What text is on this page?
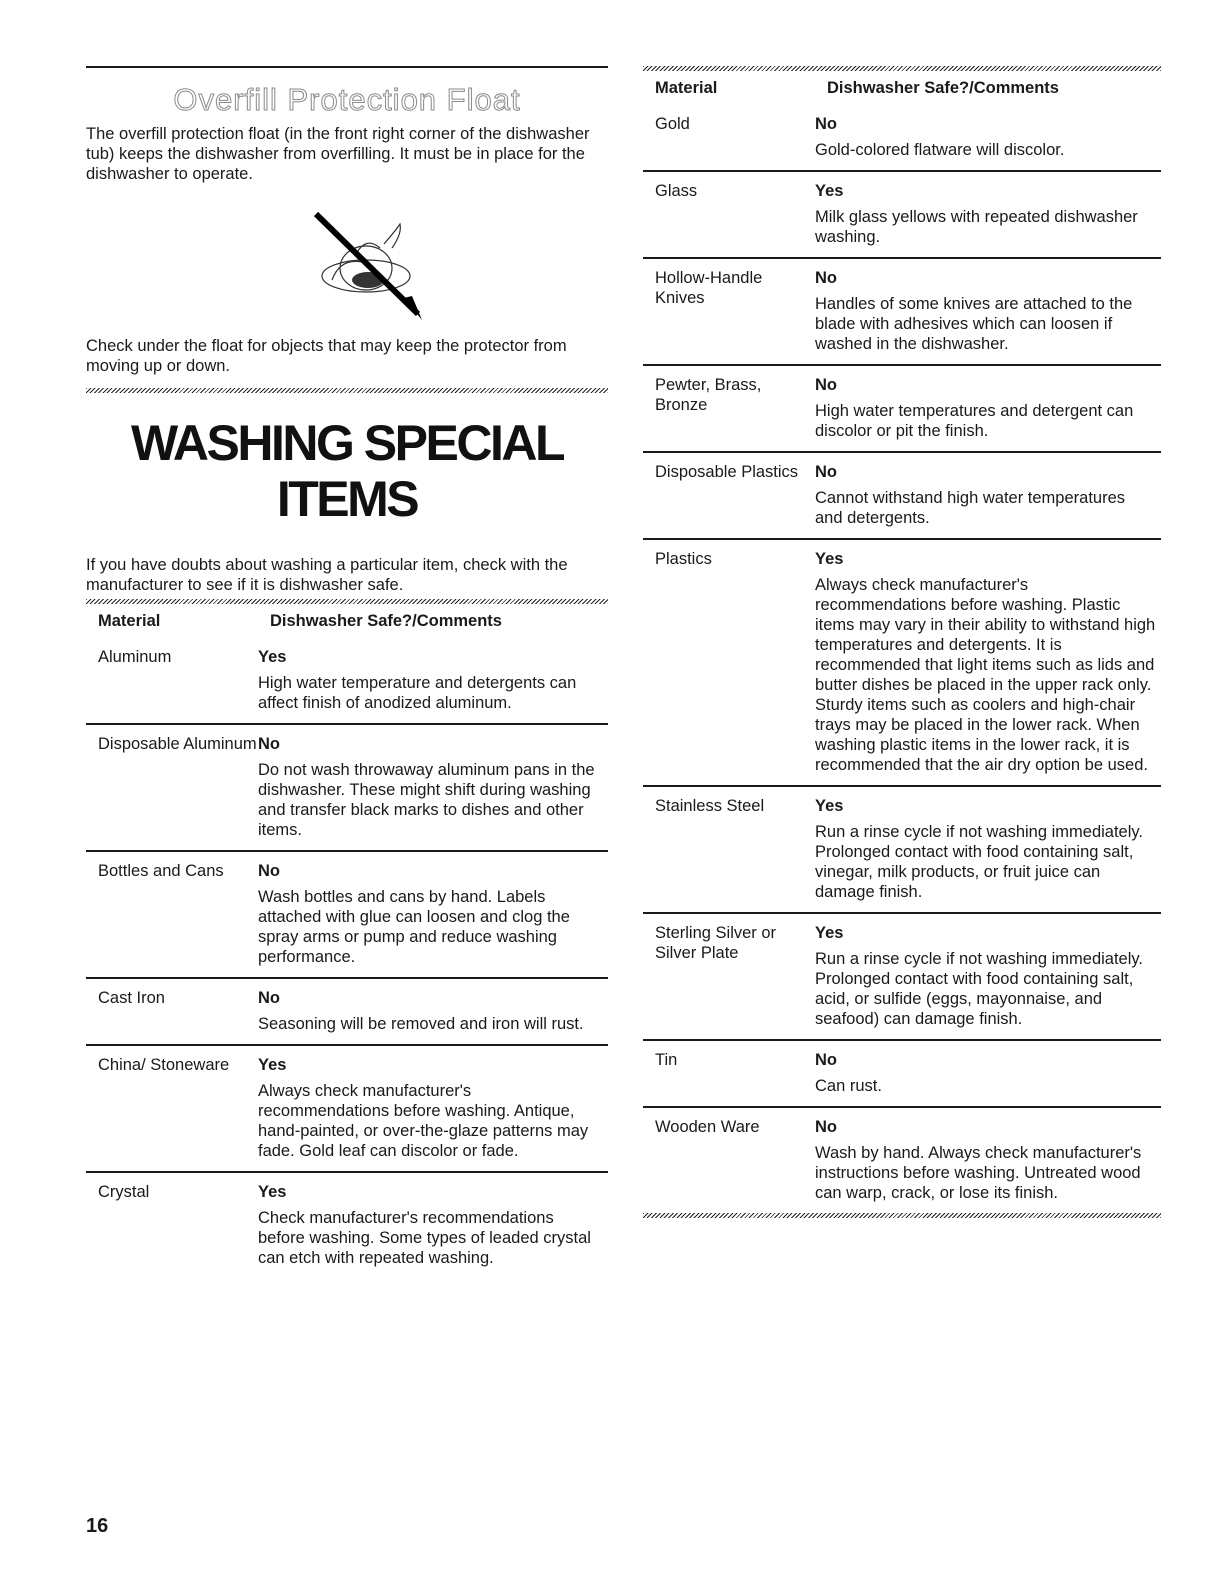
Overfill Protection Float

The overfill protection float (in the front right corner of the dishwasher tub) keeps the dishwasher from overfilling. It must be in place for the dishwasher to operate.

Check under the float for objects that may keep the protector from moving up or down.

WASHING SPECIAL
ITEMS

If you have doubts about washing a particular item, check with the manufacturer to see if it is dishwasher safe.

Material	Dishwasher Safe?/Comments
Aluminum	Yes
High water temperature and detergents can affect finish of anodized aluminum.

Disposable Aluminum	No
Do not wash throwaway aluminum pans in the dishwasher. These might shift during washing and transfer black marks to dishes and other items.

Bottles and Cans	No
Wash bottles and cans by hand. Labels attached with glue can loosen and clog the spray arms or pump and reduce washing performance.

Cast Iron	No
Seasoning will be removed and iron will rust.

China/ Stoneware	Yes
Always check manufacturer's recommendations before washing. Antique, hand-painted, or over-the-glaze patterns may fade. Gold leaf can discolor or fade.

Crystal	Yes
Check manufacturer's recommendations before washing. Some types of leaded crystal can etch with repeated washing.
Material	Dishwasher Safe?/Comments
Gold	No
Gold-colored flatware will discolor.

Glass	Yes
Milk glass yellows with repeated dishwasher washing.

Hollow-Handle Knives	No
Handles of some knives are attached to the blade with adhesives which can loosen if washed in the dishwasher.

Pewter, Brass, Bronze	No
High water temperatures and detergent can discolor or pit the finish.

Disposable Plastics	No
Cannot withstand high water temperatures and detergents.

Plastics	Yes
Always check manufacturer's recommendations before washing. Plastic items may vary in their ability to withstand high temperatures and detergents. It is recommended that light items such as lids and butter dishes be placed in the upper rack only. Sturdy items such as coolers and high-chair trays may be placed in the lower rack. When washing plastic items in the lower rack, it is recommended that the air dry option be used.

Stainless Steel	Yes
Run a rinse cycle if not washing immediately. Prolonged contact with food containing salt, vinegar, milk products, or fruit juice can damage finish.

Sterling Silver or Silver Plate	Yes
Run a rinse cycle if not washing immediately. Prolonged contact with food containing salt, acid, or sulfide (eggs, mayonnaise, and seafood) can damage finish.

Tin	No
Can rust.

Wooden Ware	No
Wash by hand. Always check manufacturer's instructions before washing. Untreated wood can warp, crack, or lose its finish.
16
